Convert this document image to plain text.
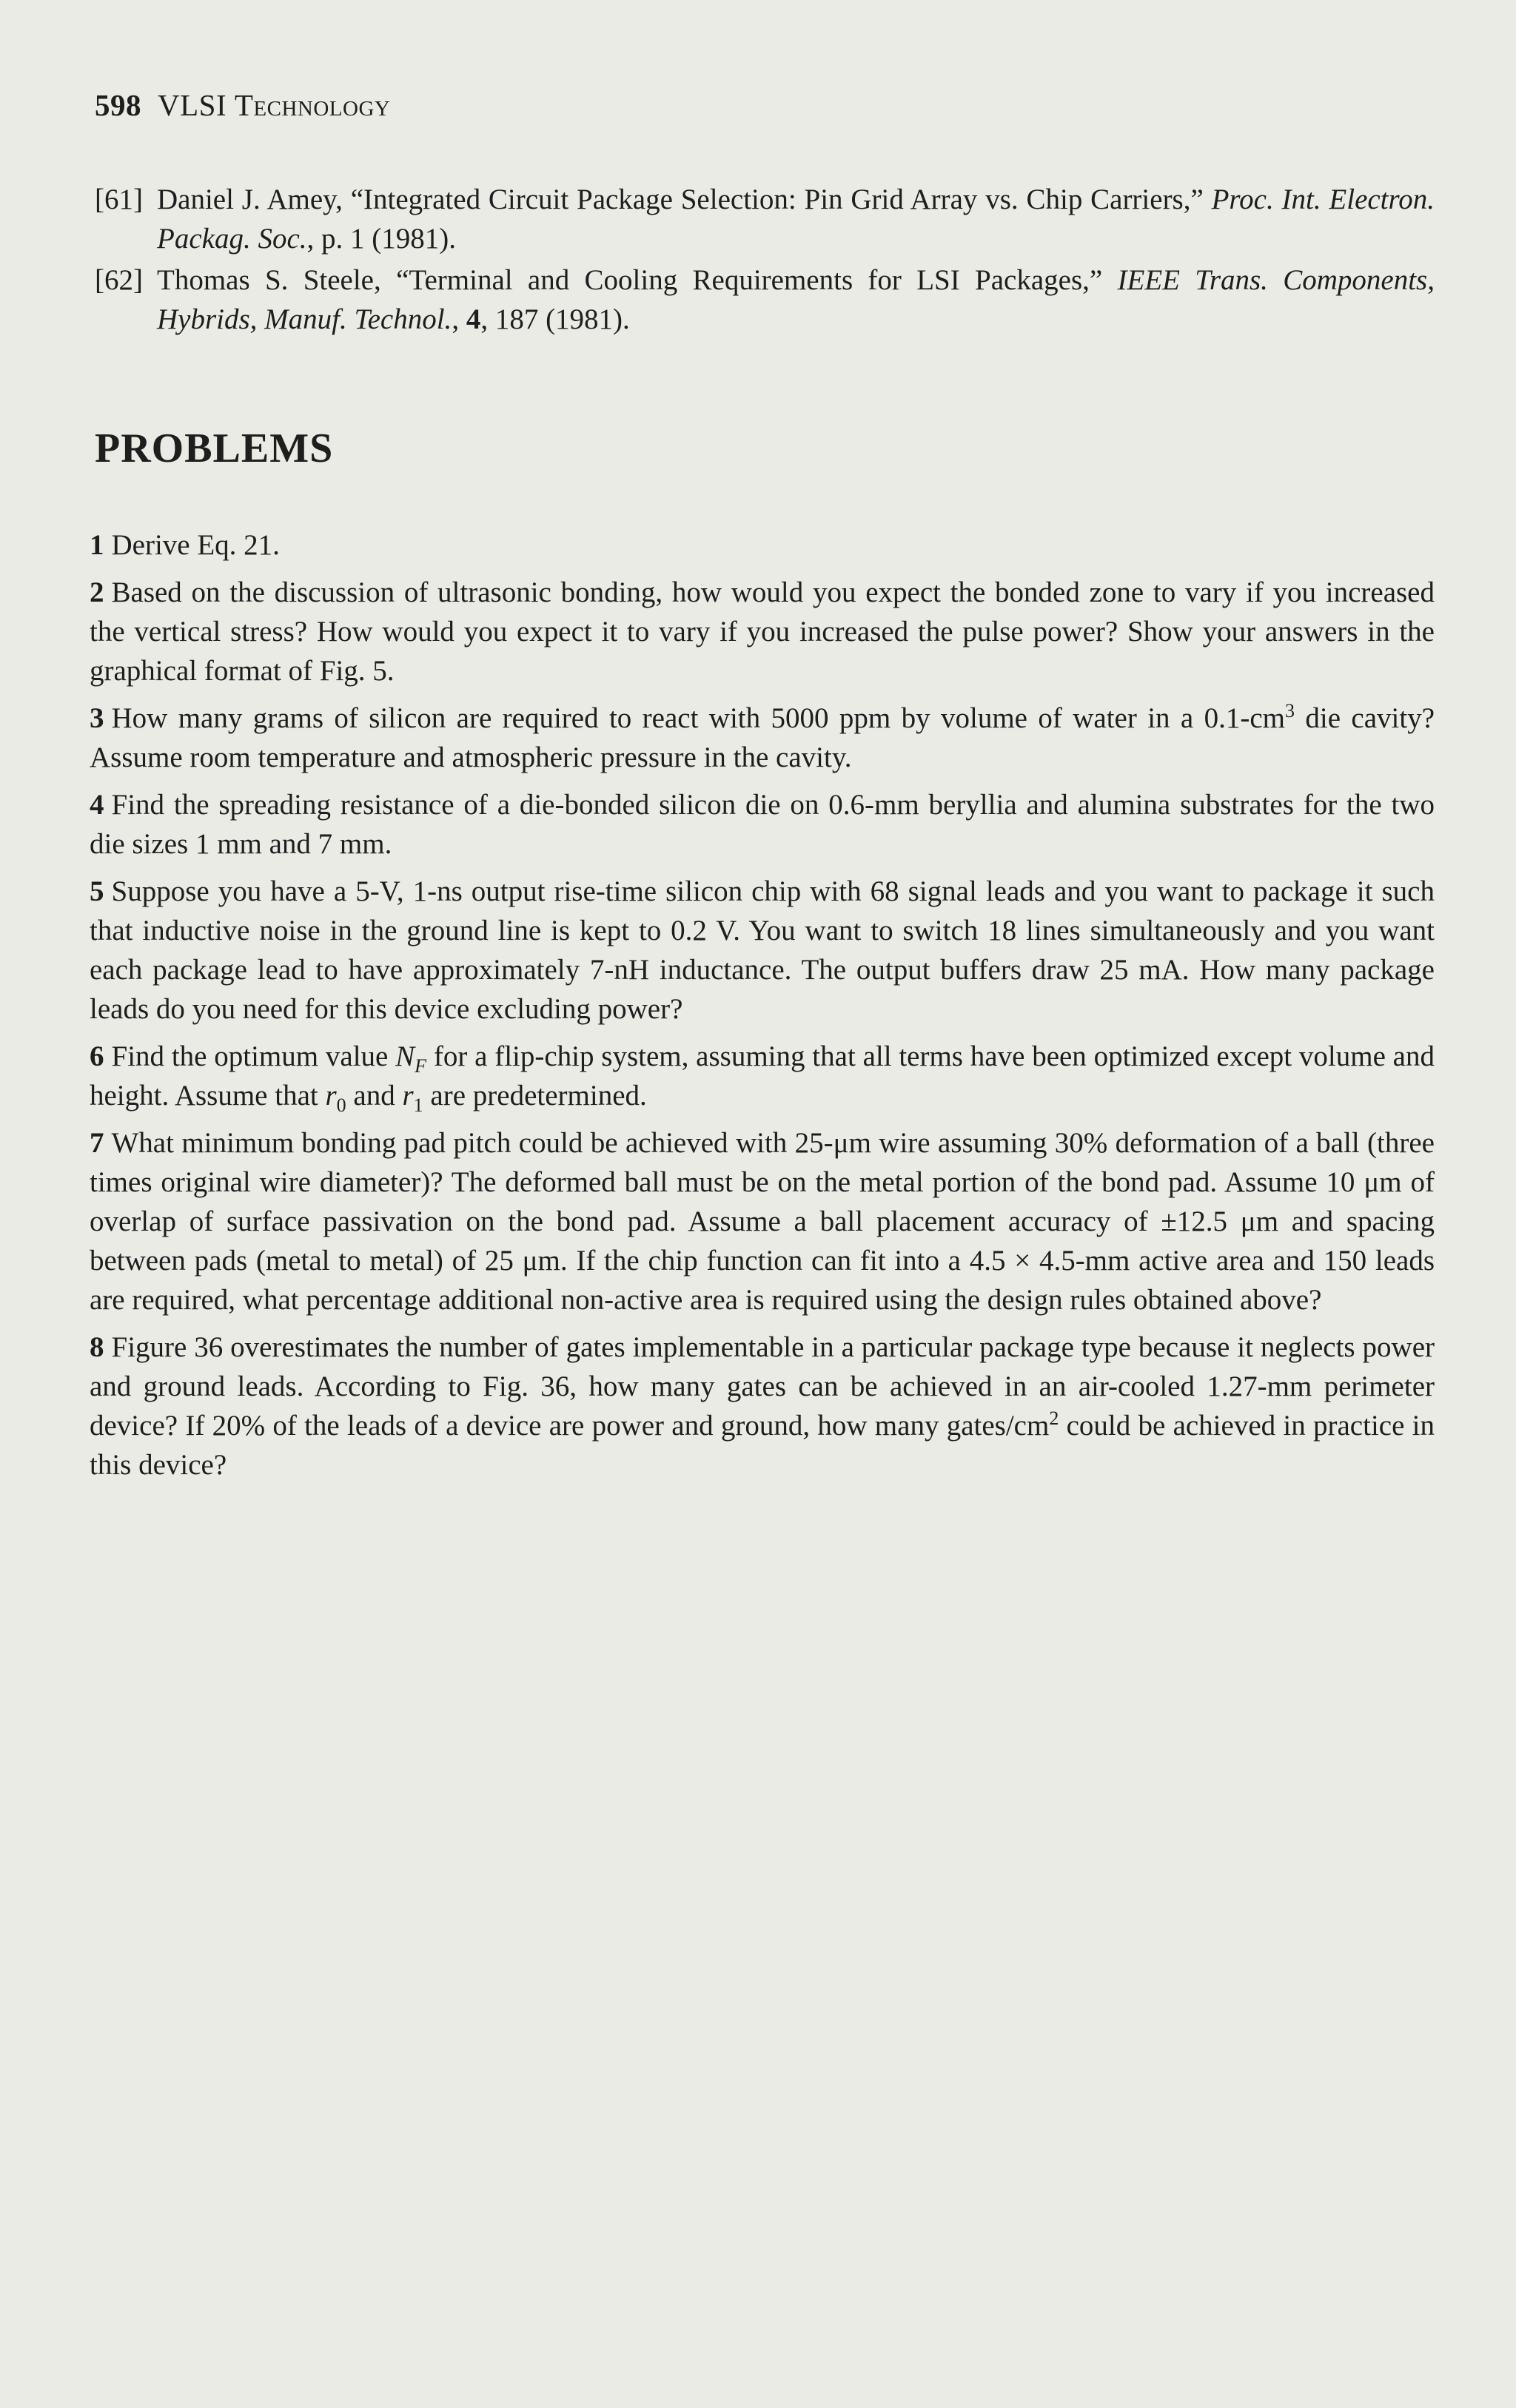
598 VLSI Technology

[61] Daniel J. Amey, “Integrated Circuit Package Selection: Pin Grid Array vs. Chip Carriers,” Proc. Int. Electron. Packag. Soc., p. 1 (1981).

[62] Thomas S. Steele, “Terminal and Cooling Requirements for LSI Packages,” IEEE Trans. Components, Hybrids, Manuf. Technol., 4, 187 (1981).

PROBLEMS

1 Derive Eq. 21.

2 Based on the discussion of ultrasonic bonding, how would you expect the bonded zone to vary if you increased the vertical stress? How would you expect it to vary if you increased the pulse power? Show your answers in the graphical format of Fig. 5.

3 How many grams of silicon are required to react with 5000 ppm by volume of water in a $0.1-cm^3$ die cavity? Assume room temperature and atmospheric pressure in the cavity.

4 Find the spreading resistance of a die-bonded silicon die on 0.6-mm beryllia and alumina substrates for the two die sizes 1 mm and 7 mm.

5 Suppose you have a 5-V, 1-ns output rise-time silicon chip with 68 signal leads and you want to package it such that inductive noise in the ground line is kept to 0.2 V. You want to switch 18 lines simultaneously and you want each package lead to have approximately 7-nH inductance. The output buffers draw 25 mA. How many package leads do you need for this device excluding power?

6 Find the optimum value $N_F$ for a flip-chip system, assuming that all terms have been optimized except volume and height. Assume that $r_0$ and $r_1$ are predetermined.

7 What minimum bonding pad pitch could be achieved with 25-μm wire assuming 30% deformation of a ball (three times original wire diameter)? The deformed ball must be on the metal portion of the bond pad. Assume 10 μm of overlap of surface passivation on the bond pad. Assume a ball placement accuracy of ±12.5 μm and spacing between pads (metal to metal) of 25 μm. If the chip function can fit into a 4.5 × 4.5-mm active area and 150 leads are required, what percentage additional non-active area is required using the design rules obtained above?

8 Figure 36 overestimates the number of gates implementable in a particular package type because it neglects power and ground leads. According to Fig. 36, how many gates can be achieved in an air-cooled 1.27-mm perimeter device? If 20% of the leads of a device are power and ground, how many gates/$cm^2$ could be achieved in practice in this device?
